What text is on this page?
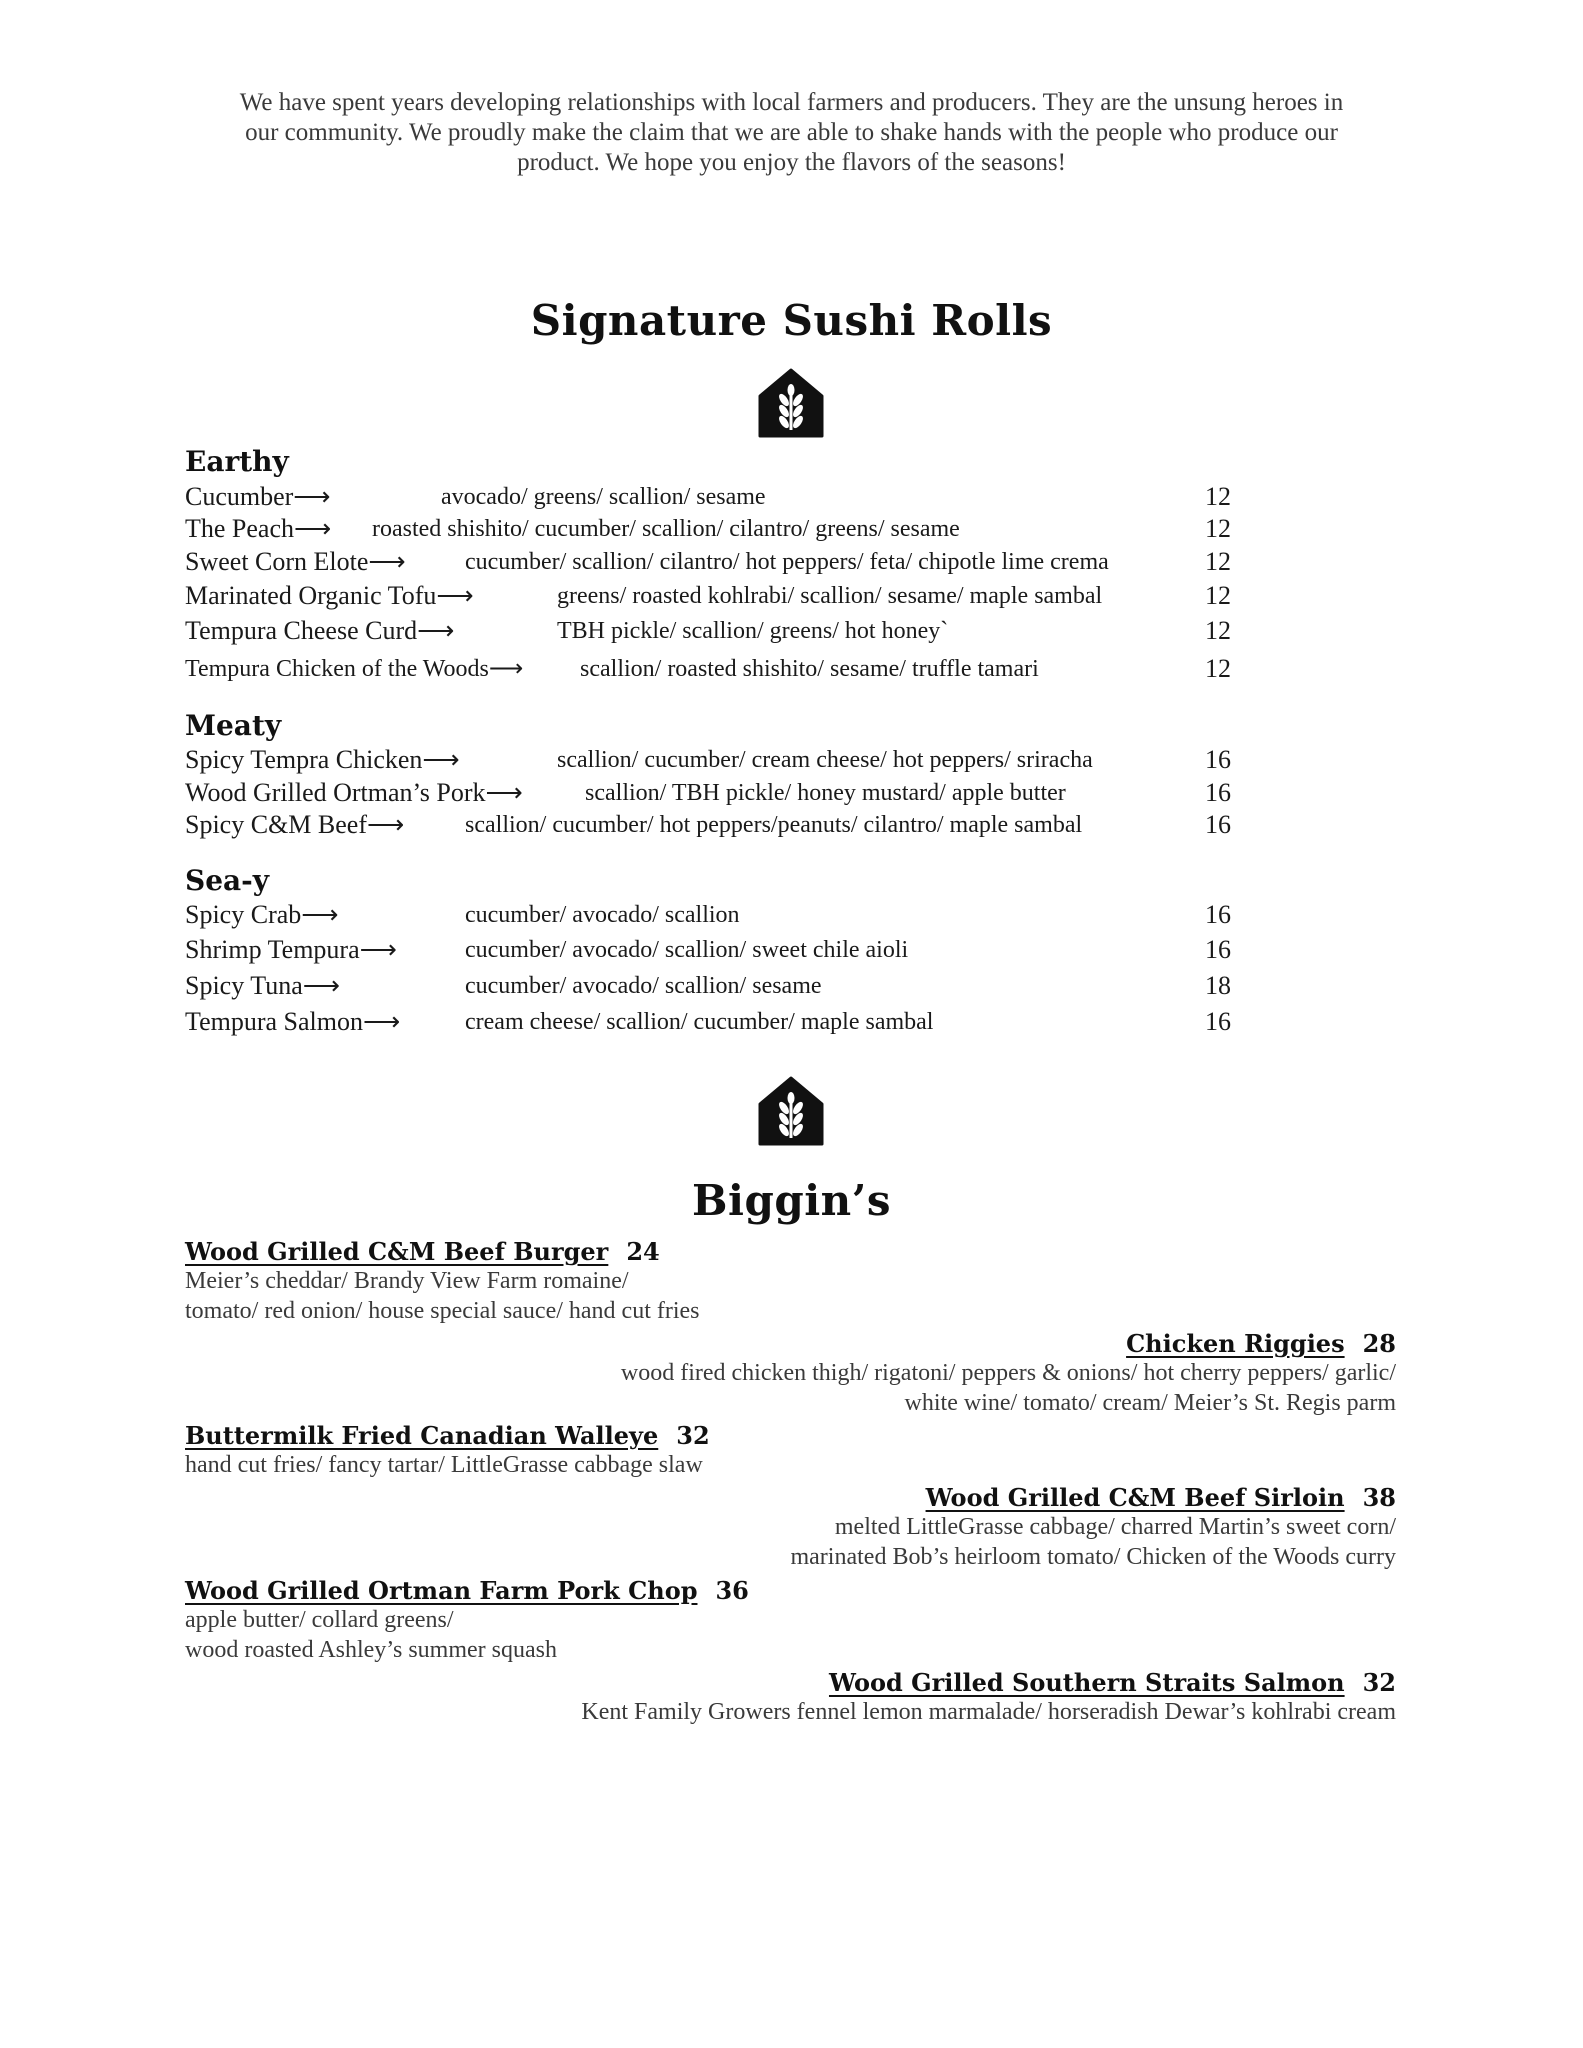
We have spent years developing relationships with local farmers and producers. They are the unsung heroes in
our community. We proudly make the claim that we are able to shake hands with the people who produce our
product. We hope you enjoy the flavors of the seasons!
Signature Sushi Rolls
Earthy
Cucumber⟶	avocado/ greens/ scallion/ sesame	12
The Peach⟶ roasted shishito/ cucumber/ scallion/ cilantro/ greens/ sesame	12
Sweet Corn Elote⟶ cucumber/ scallion/ cilantro/ hot peppers/ feta/ chipotle lime crema	12
Marinated Organic Tofu⟶	greens/ roasted kohlrabi/ scallion/ sesame/ maple sambal	12
Tempura Cheese Curd⟶	TBH pickle/ scallion/ greens/ hot honey`	12
Tempura Chicken of the Woods⟶ scallion/ roasted shishito/ sesame/ truffle tamari	12
Meaty
Spicy Tempra Chicken⟶	scallion/ cucumber/ cream cheese/ hot peppers/ sriracha	16
Wood Grilled Ortman’s Pork⟶	scallion/ TBH pickle/ honey mustard/ apple butter	16
Spicy C&M Beef⟶	scallion/ cucumber/ hot peppers/peanuts/ cilantro/ maple sambal	16
Sea-y
Spicy Crab⟶	cucumber/ avocado/ scallion	16
Shrimp Tempura⟶	cucumber/ avocado/ scallion/ sweet chile aioli	16
Spicy Tuna⟶	cucumber/ avocado/ scallion/ sesame	18
Tempura Salmon⟶	cream cheese/ scallion/ cucumber/ maple sambal	16
Biggin’s
Wood Grilled C&M Beef Burger 24
Meier’s cheddar/ Brandy View Farm romaine/
tomato/ red onion/ house special sauce/ hand cut fries
Chicken Riggies 28
wood fired chicken thigh/ rigatoni/ peppers & onions/ hot cherry peppers/ garlic/
white wine/ tomato/ cream/ Meier’s St. Regis parm
Buttermilk Fried Canadian Walleye 32
hand cut fries/ fancy tartar/ LittleGrasse cabbage slaw
Wood Grilled C&M Beef Sirloin 38
melted LittleGrasse cabbage/ charred Martin’s sweet corn/
marinated Bob’s heirloom tomato/ Chicken of the Woods curry
Wood Grilled Ortman Farm Pork Chop 36
apple butter/ collard greens/
wood roasted Ashley’s summer squash
Wood Grilled Southern Straits Salmon 32
Kent Family Growers fennel lemon marmalade/ horseradish Dewar’s kohlrabi cream
